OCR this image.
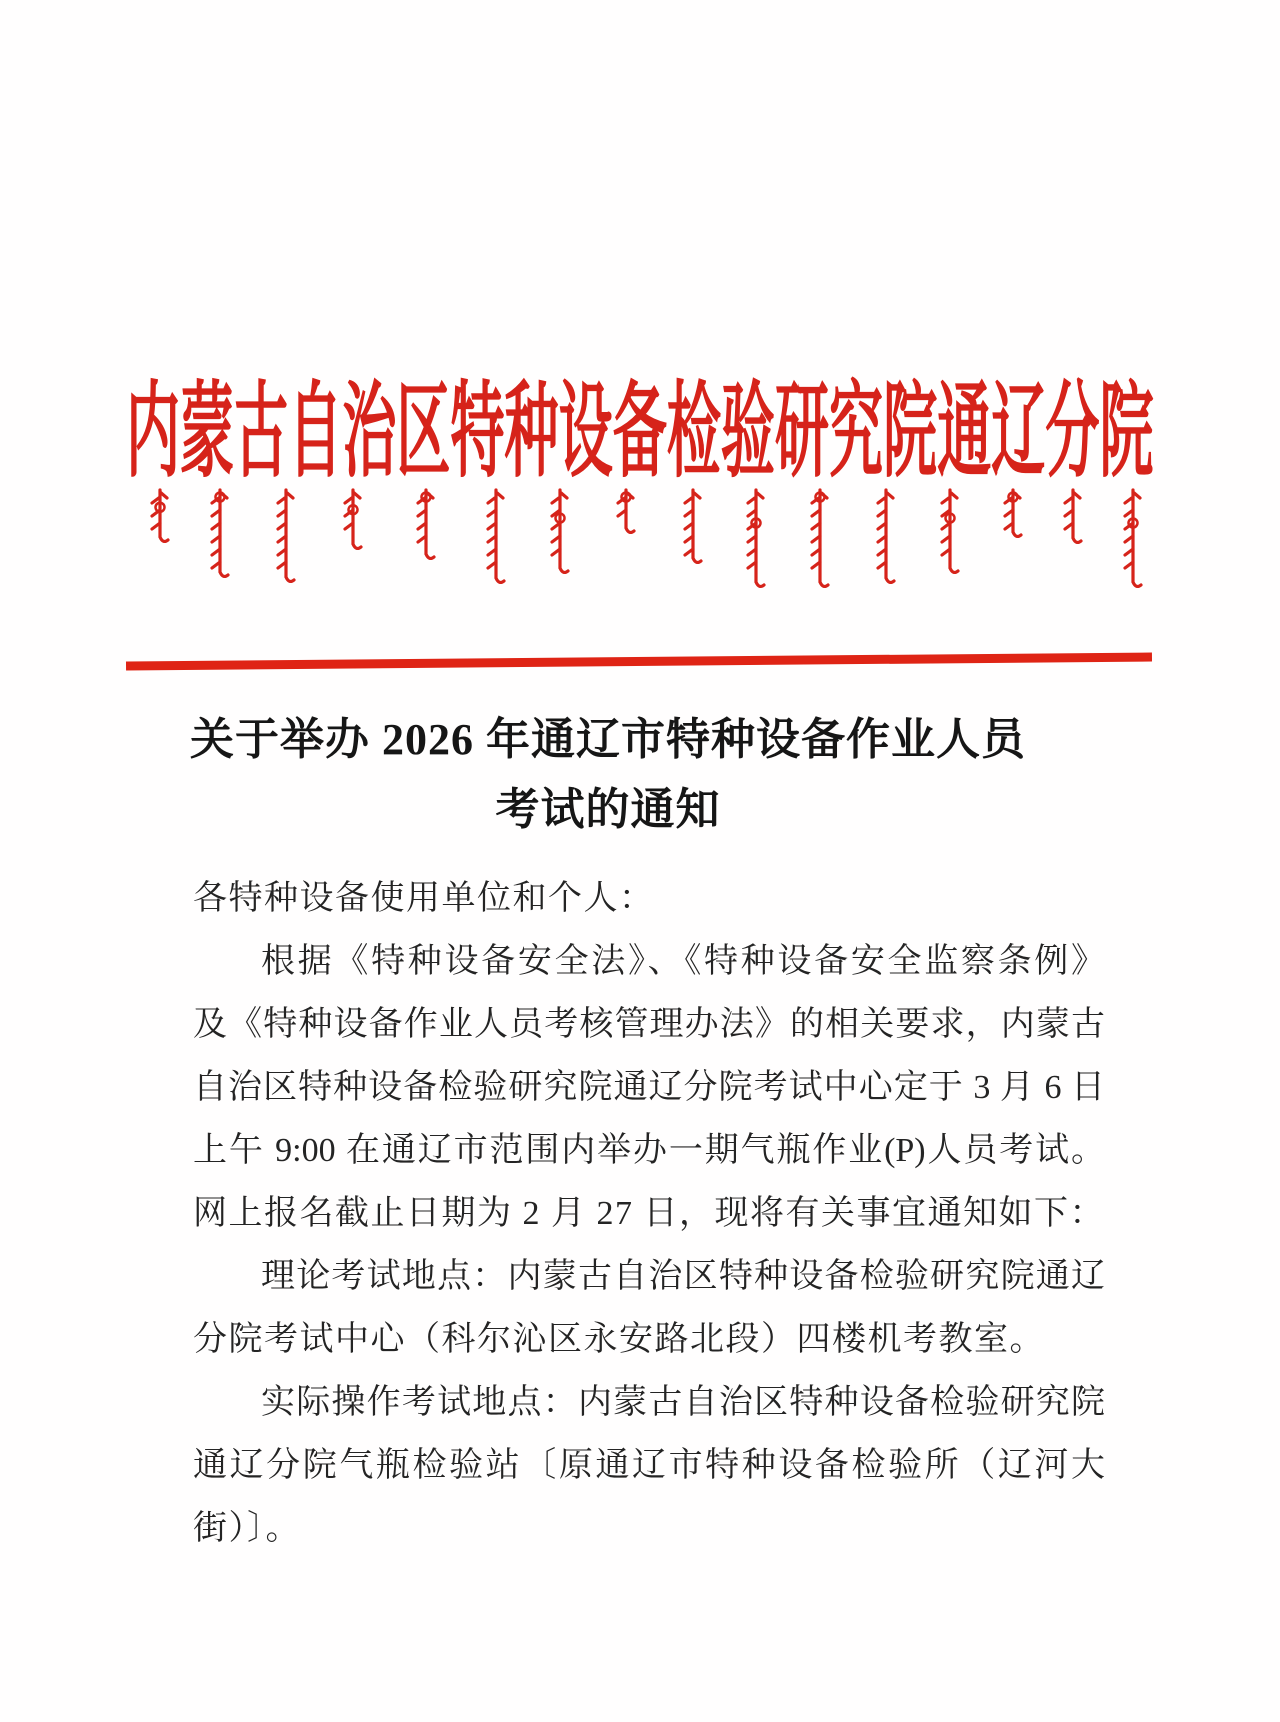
内蒙古自治区特种设备检验研究院通辽分院
关于举办 2026 年通辽市特种设备作业人员
考试的通知
各特种设备使用单位和个人：
根据《特种设备安全法》、《特种设备安全监察条例》
及《特种设备作业人员考核管理办法》的相关要求，内蒙古
自治区特种设备检验研究院通辽分院考试中心定于 3 月 6 日
上午 9:00 在通辽市范围内举办一期气瓶作业(P)人员考试。
网上报名截止日期为 2 月 27 日，现将有关事宜通知如下：
理论考试地点：内蒙古自治区特种设备检验研究院通辽
分院考试中心（科尔沁区永安路北段）四楼机考教室。
实际操作考试地点：内蒙古自治区特种设备检验研究院
通辽分院气瓶检验站〔原通辽市特种设备检验所（辽河大
街）〕。
